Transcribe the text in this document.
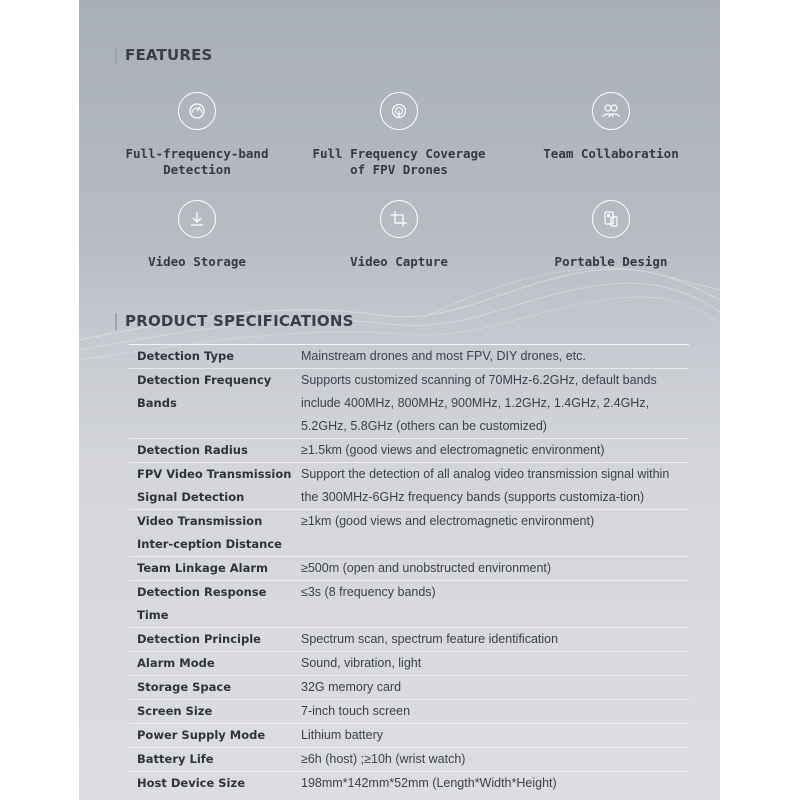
FEATURES
Full-frequency-band Detection
Full Frequency Coverage of FPV Drones
Team Collaboration
Video Storage	Video Capture	Portable Design
PRODUCT SPECIFICATIONS
Detection Type	Mainstream drones and most FPV, DIY drones, etc.
Detection Frequency Bands	Supports customized scanning of 70MHz-6.2GHz, default bands include 400MHz, 800MHz, 900MHz, 1.2GHz, 1.4GHz, 2.4GHz, 5.2GHz, 5.8GHz (others can be customized)
Detection Radius	≥1.5km (good views and electromagnetic environment)
FPV Video Transmission Signal Detection	Support the detection of all analog video transmission signal within the 300MHz-6GHz frequency bands (supports customiza-tion)
Video Transmission Inter-ception Distance	≥1km (good views and electromagnetic environment)
Team Linkage Alarm	≥500m (open and unobstructed environment)
Detection Response Time	≤3s (8 frequency bands)
Detection Principle	Spectrum scan, spectrum feature identification
Alarm Mode	Sound, vibration, light
Storage Space	32G memory card
Screen Size	7-inch touch screen
Power Supply Mode	Lithium battery
Battery Life	≥6h (host) ;≥10h (wrist watch)
Host Device Size	198mm*142mm*52mm (Length*Width*Height)
